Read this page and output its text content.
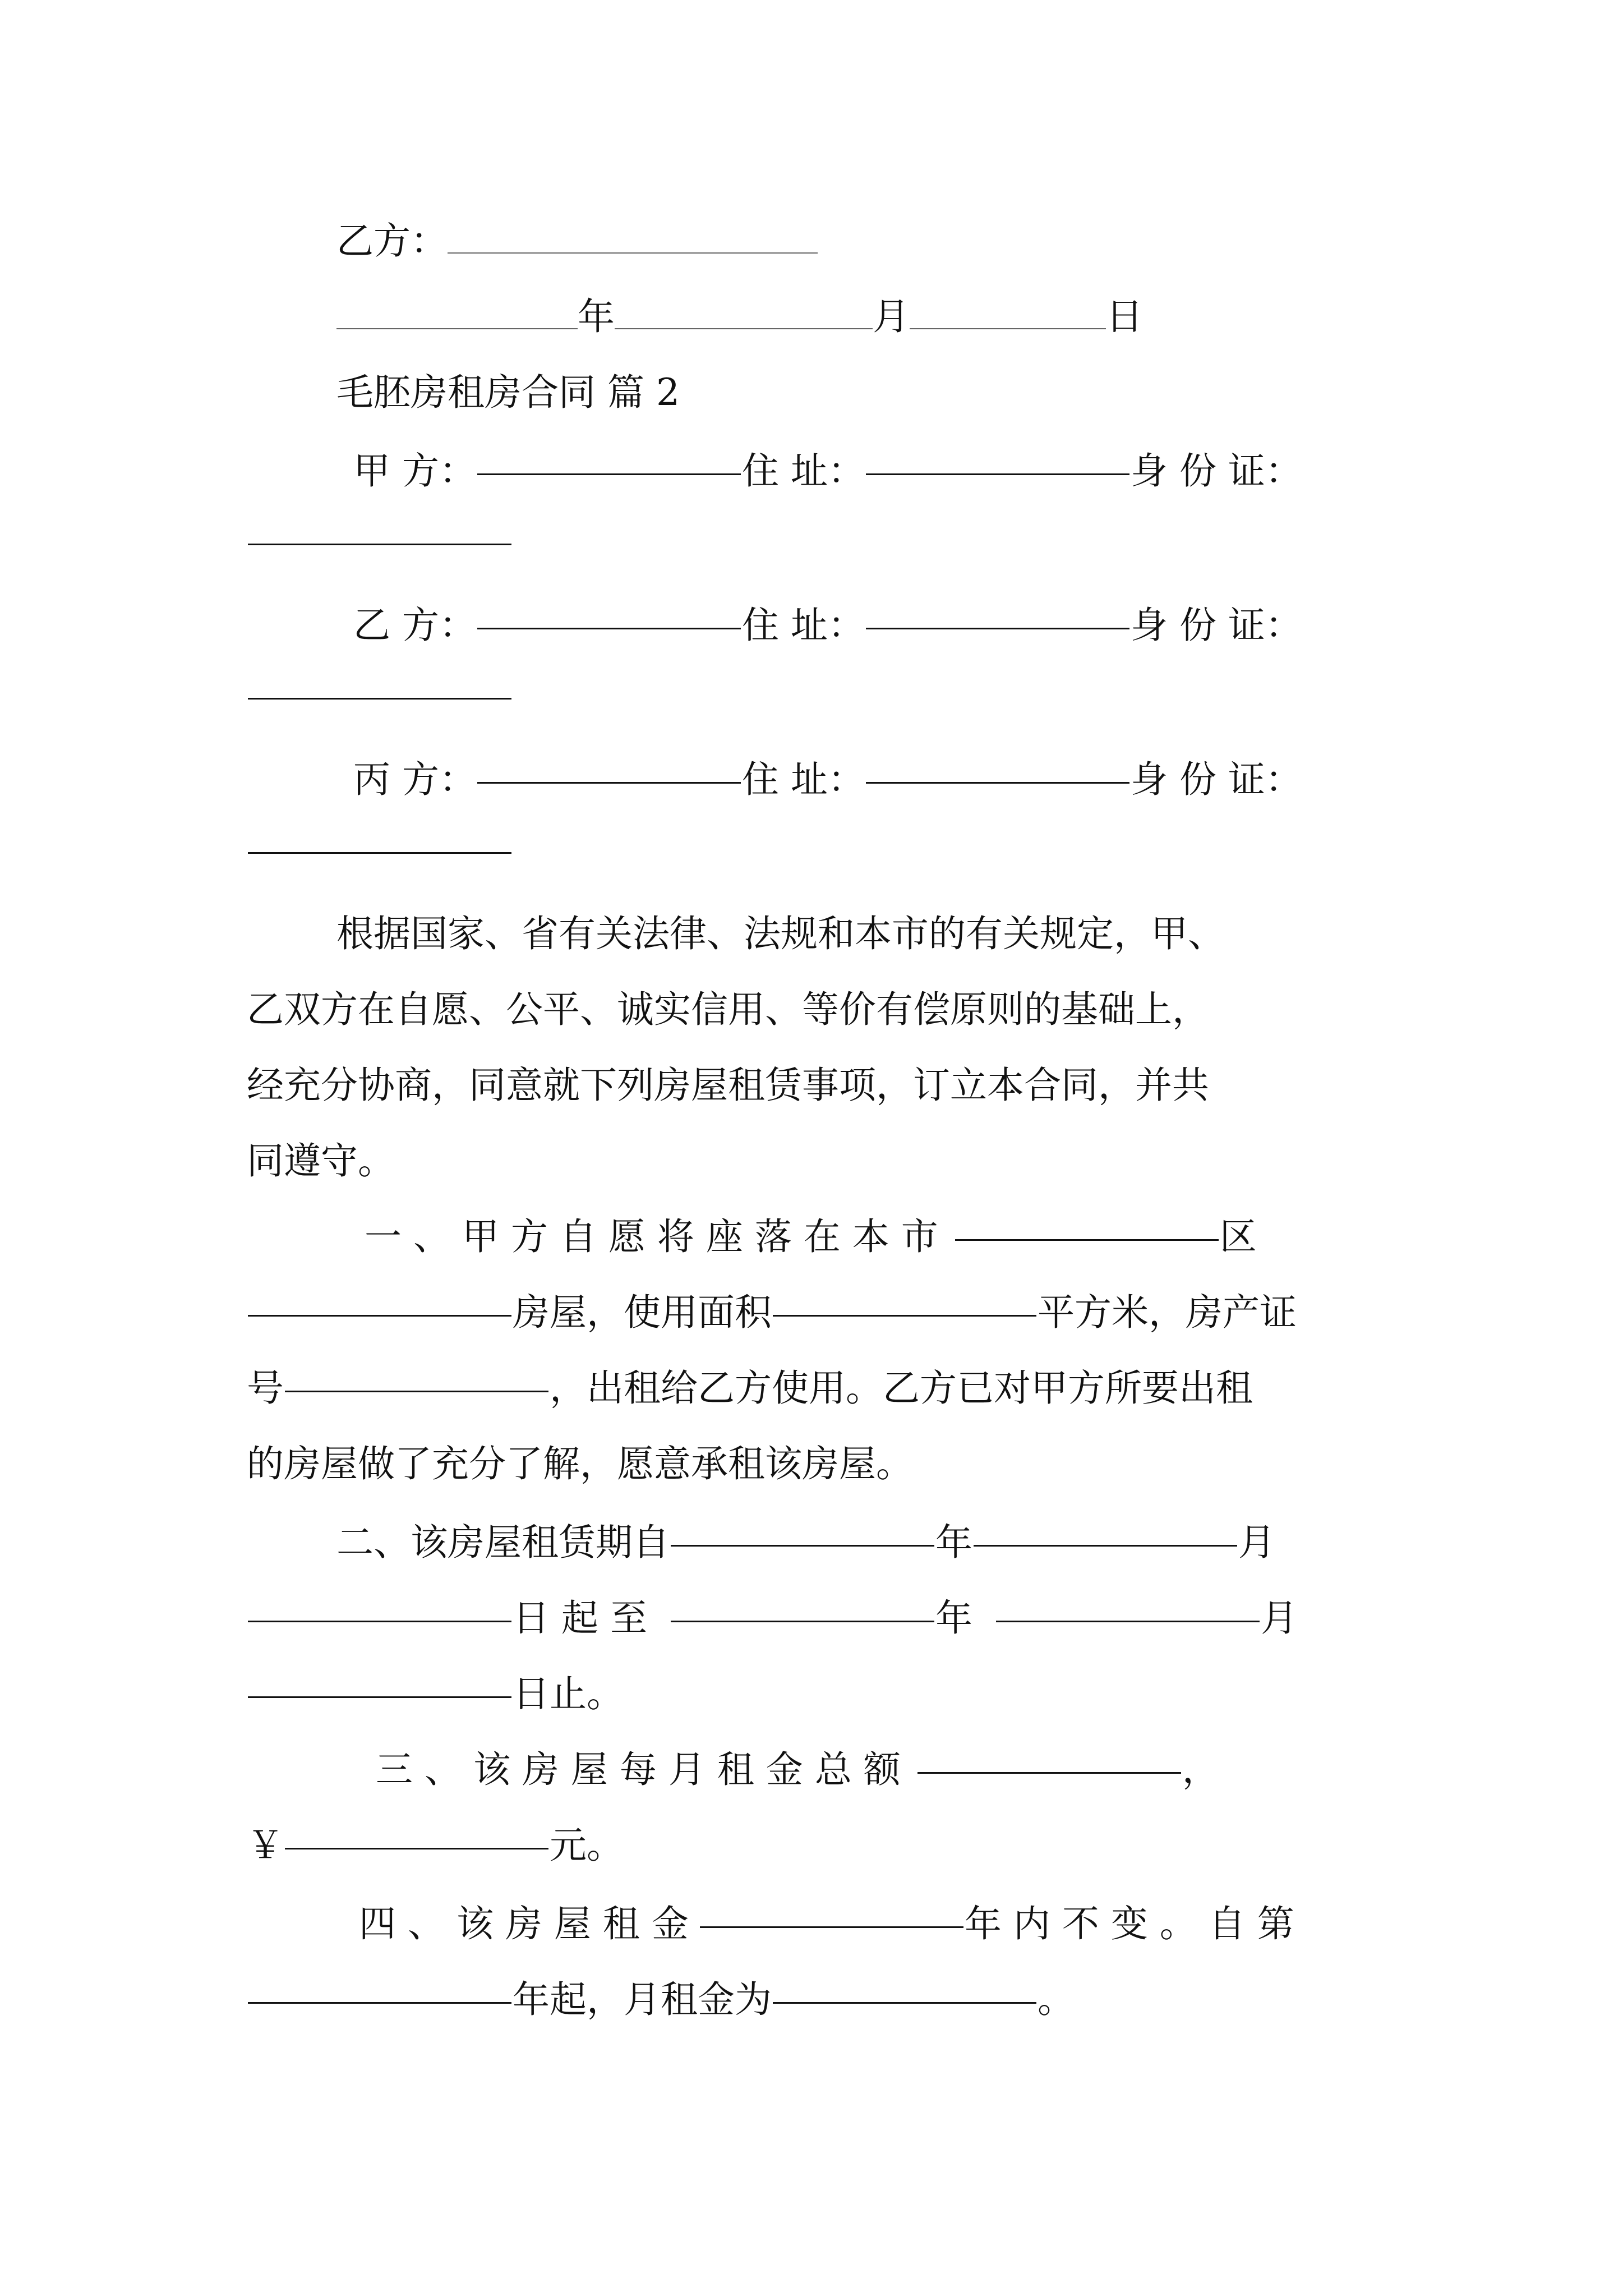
乙方：
年	月	日
毛胚房租房合同 篇 2
甲 方：	住 址：	身 份 证：
乙 方：	住 址：	身 份 证：
丙 方：	住 址：	身 份 证：
根据国家、省有关法律、法规和本市的有关规定，甲、
乙双方在自愿、公平、诚实信用、等价有偿原则的基础上，
经充分协商，同意就下列房屋租赁事项，订立本合同，并共
同遵守。
一 、 甲 方 自 愿 将 座 落 在 本 市	区
房屋，使用面积	平方米，房产证
号	，出租给乙方使用。乙方已对甲方所要出租
的房屋做了充分了解，愿意承租该房屋。
二、该房屋租赁期自	年	月
日 起 至	年	月
日止。
三 、 该 房 屋 每 月 租 金 总 额	，
￥	元。
四 、 该 房 屋 租 金	年 内 不 变 。 自 第
年起，月租金为	。
